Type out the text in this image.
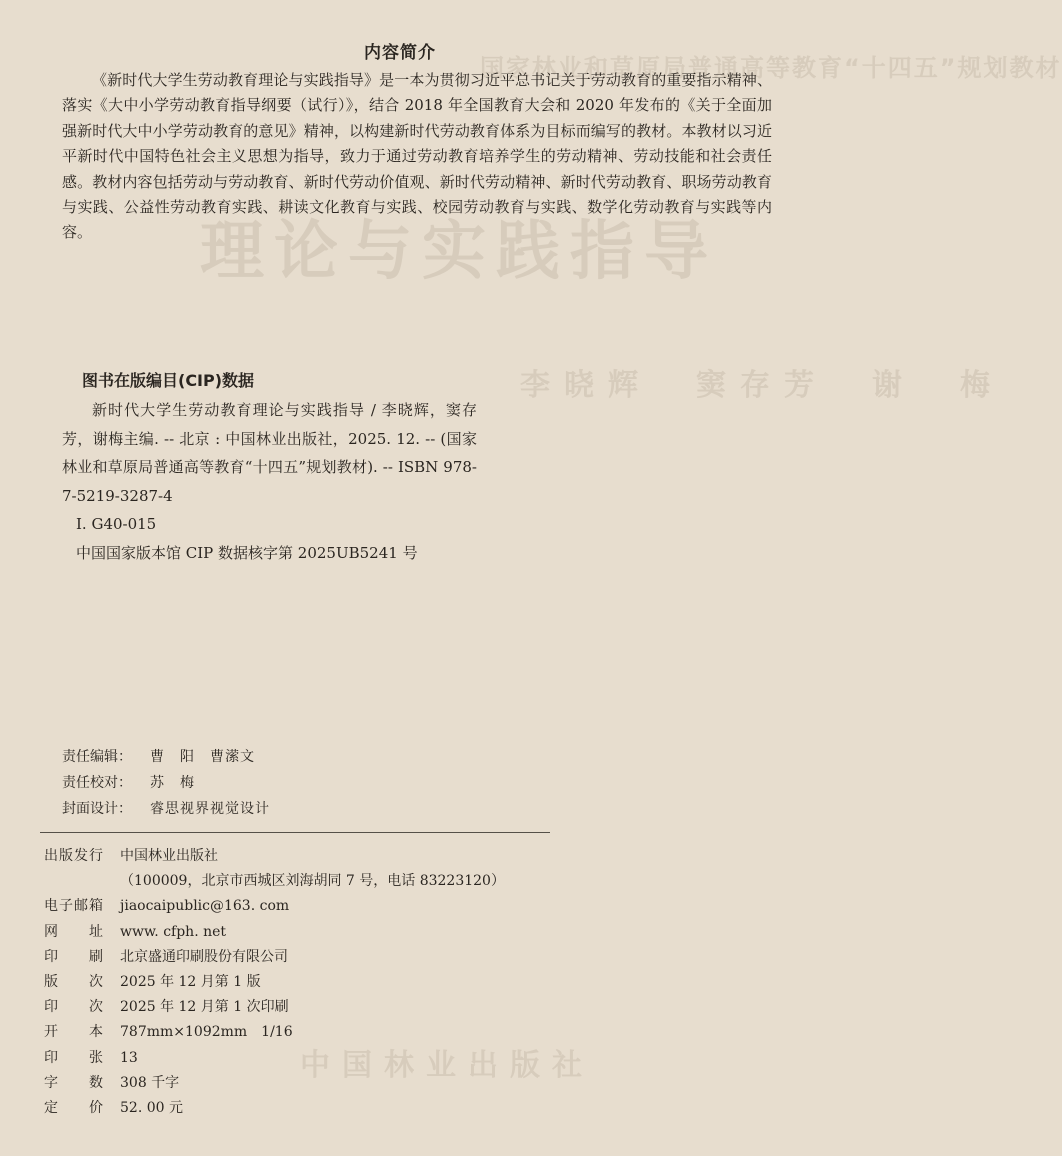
国家林业和草原局普通高等教育“十四五”规划教材
理论与实践指导
李晓辉　窦存芳　谢　梅
中国林业出版社
内容简介

《新时代大学生劳动教育理论与实践指导》是一本为贯彻习近平总书记关于劳动教育的重要指示精神、落实《大中小学劳动教育指导纲要（试行）》，结合 2018 年全国教育大会和 2020 年发布的《关于全面加强新时代大中小学劳动教育的意见》精神，以构建新时代劳动教育体系为目标而编写的教材。本教材以习近平新时代中国特色社会主义思想为指导，致力于通过劳动教育培养学生的劳动精神、劳动技能和社会责任感。教材内容包括劳动与劳动教育、新时代劳动价值观、新时代劳动精神、新时代劳动教育、职场劳动教育与实践、公益性劳动教育实践、耕读文化教育与实践、校园劳动教育与实践、数学化劳动教育与实践等内容。

图书在版编目(CIP)数据

新时代大学生劳动教育理论与实践指导 / 李晓辉，窦存芳，谢梅主编. -- 北京 : 中国林业出版社，2025. 12. -- (国家林业和草原局普通高等教育“十四五”规划教材). -- ISBN 978-7-5219-3287-4

Ⅰ. G40-015

中国国家版本馆 CIP 数据核字第 2025UB5241 号

责任编辑：	曹　阳　曹潆文
责任校对：	苏　梅
封面设计：	睿思视界视觉设计
出版发行	中国林业出版社
（100009，北京市西城区刘海胡同 7 号，电话 83223120）
电子邮箱	jiaocaipublic@163. com
网　　址	www. cfph. net
印　　刷	北京盛通印刷股份有限公司
版　　次	2025 年 12 月第 1 版
印　　次	2025 年 12 月第 1 次印刷
开　　本	787mm×1092mm　1/16
印　　张	13
字　　数	308 千字
定　　价	52. 00 元
